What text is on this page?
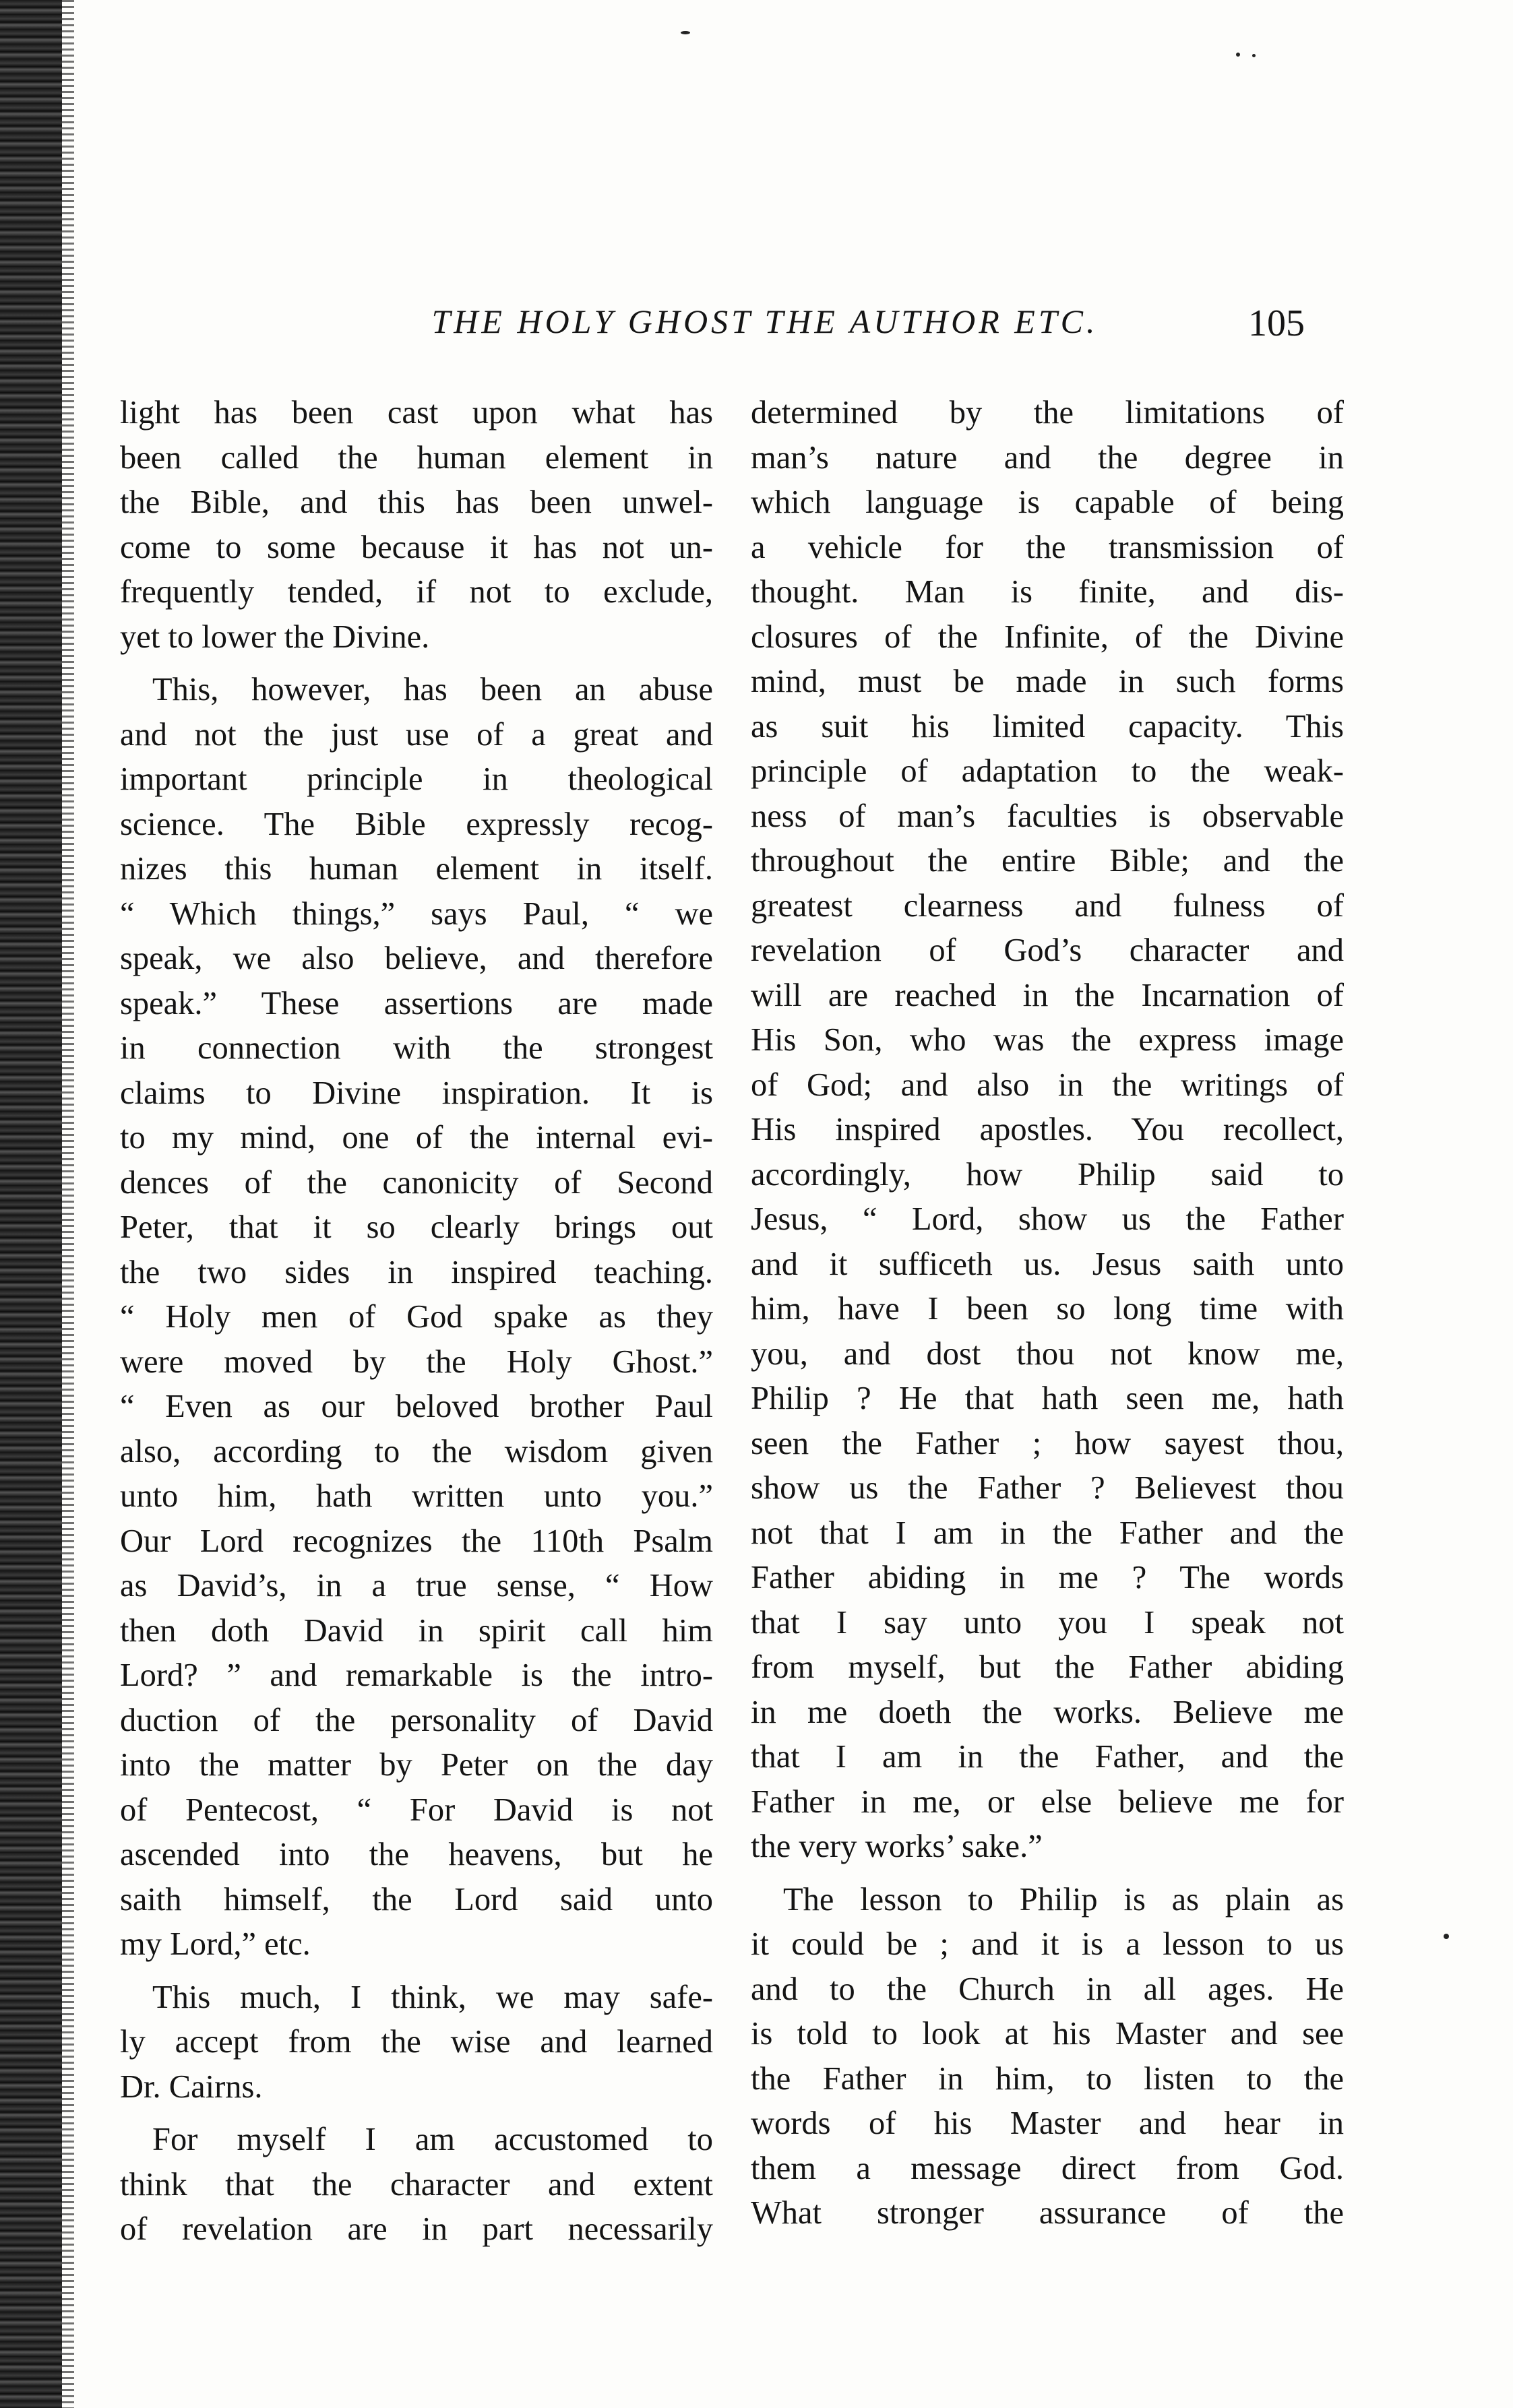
THE HOLY GHOST THE AUTHOR ETC.	105
light has been cast upon what has
been called the human element in
the Bible, and this has been unwel-
come to some because it has not un-
frequently tended, if not to exclude,
yet to lower the Divine.
This, however, has been an abuse
and not the just use of a great and
important principle in theological
science. The Bible expressly recog-
nizes this human element in itself.
“ Which things,” says Paul, “ we
speak, we also believe, and therefore
speak.” These assertions are made
in connection with the strongest
claims to Divine inspiration. It is
to my mind, one of the internal evi-
dences of the canonicity of Second
Peter, that it so clearly brings out
the two sides in inspired teaching.
“ Holy men of God spake as they
were moved by the Holy Ghost.”
“ Even as our beloved brother Paul
also, according to the wisdom given
unto him, hath written unto you.”
Our Lord recognizes the 110th Psalm
as David’s, in a true sense, “ How
then doth David in spirit call him
Lord? ” and remarkable is the intro-
duction of the personality of David
into the matter by Peter on the day
of Pentecost, “ For David is not
ascended into the heavens, but he
saith himself, the Lord said unto
my Lord,” etc.
This much, I think, we may safe-
ly accept from the wise and learned
Dr. Cairns.
For myself I am accustomed to
think that the character and extent
of revelation are in part necessarily
determined by the limitations of
man’s nature and the degree in
which language is capable of being
a vehicle for the transmission of
thought. Man is finite, and dis-
closures of the Infinite, of the Divine
mind, must be made in such forms
as suit his limited capacity. This
principle of adaptation to the weak-
ness of man’s faculties is observable
throughout the entire Bible; and the
greatest clearness and fulness of
revelation of God’s character and
will are reached in the Incarnation of
His Son, who was the express image
of God; and also in the writings of
His inspired apostles. You recollect,
accordingly, how Philip said to
Jesus, “ Lord, show us the Father
and it sufficeth us. Jesus saith unto
him, have I been so long time with
you, and dost thou not know me,
Philip ? He that hath seen me, hath
seen the Father ; how sayest thou,
show us the Father ? Believest thou
not that I am in the Father and the
Father abiding in me ? The words
that I say unto you I speak not
from myself, but the Father abiding
in me doeth the works. Believe me
that I am in the Father, and the
Father in me, or else believe me for
the very works’ sake.”
The lesson to Philip is as plain as
it could be ; and it is a lesson to us
and to the Church in all ages. He
is told to look at his Master and see
the Father in him, to listen to the
words of his Master and hear in
them a message direct from God.
What stronger assurance of the
